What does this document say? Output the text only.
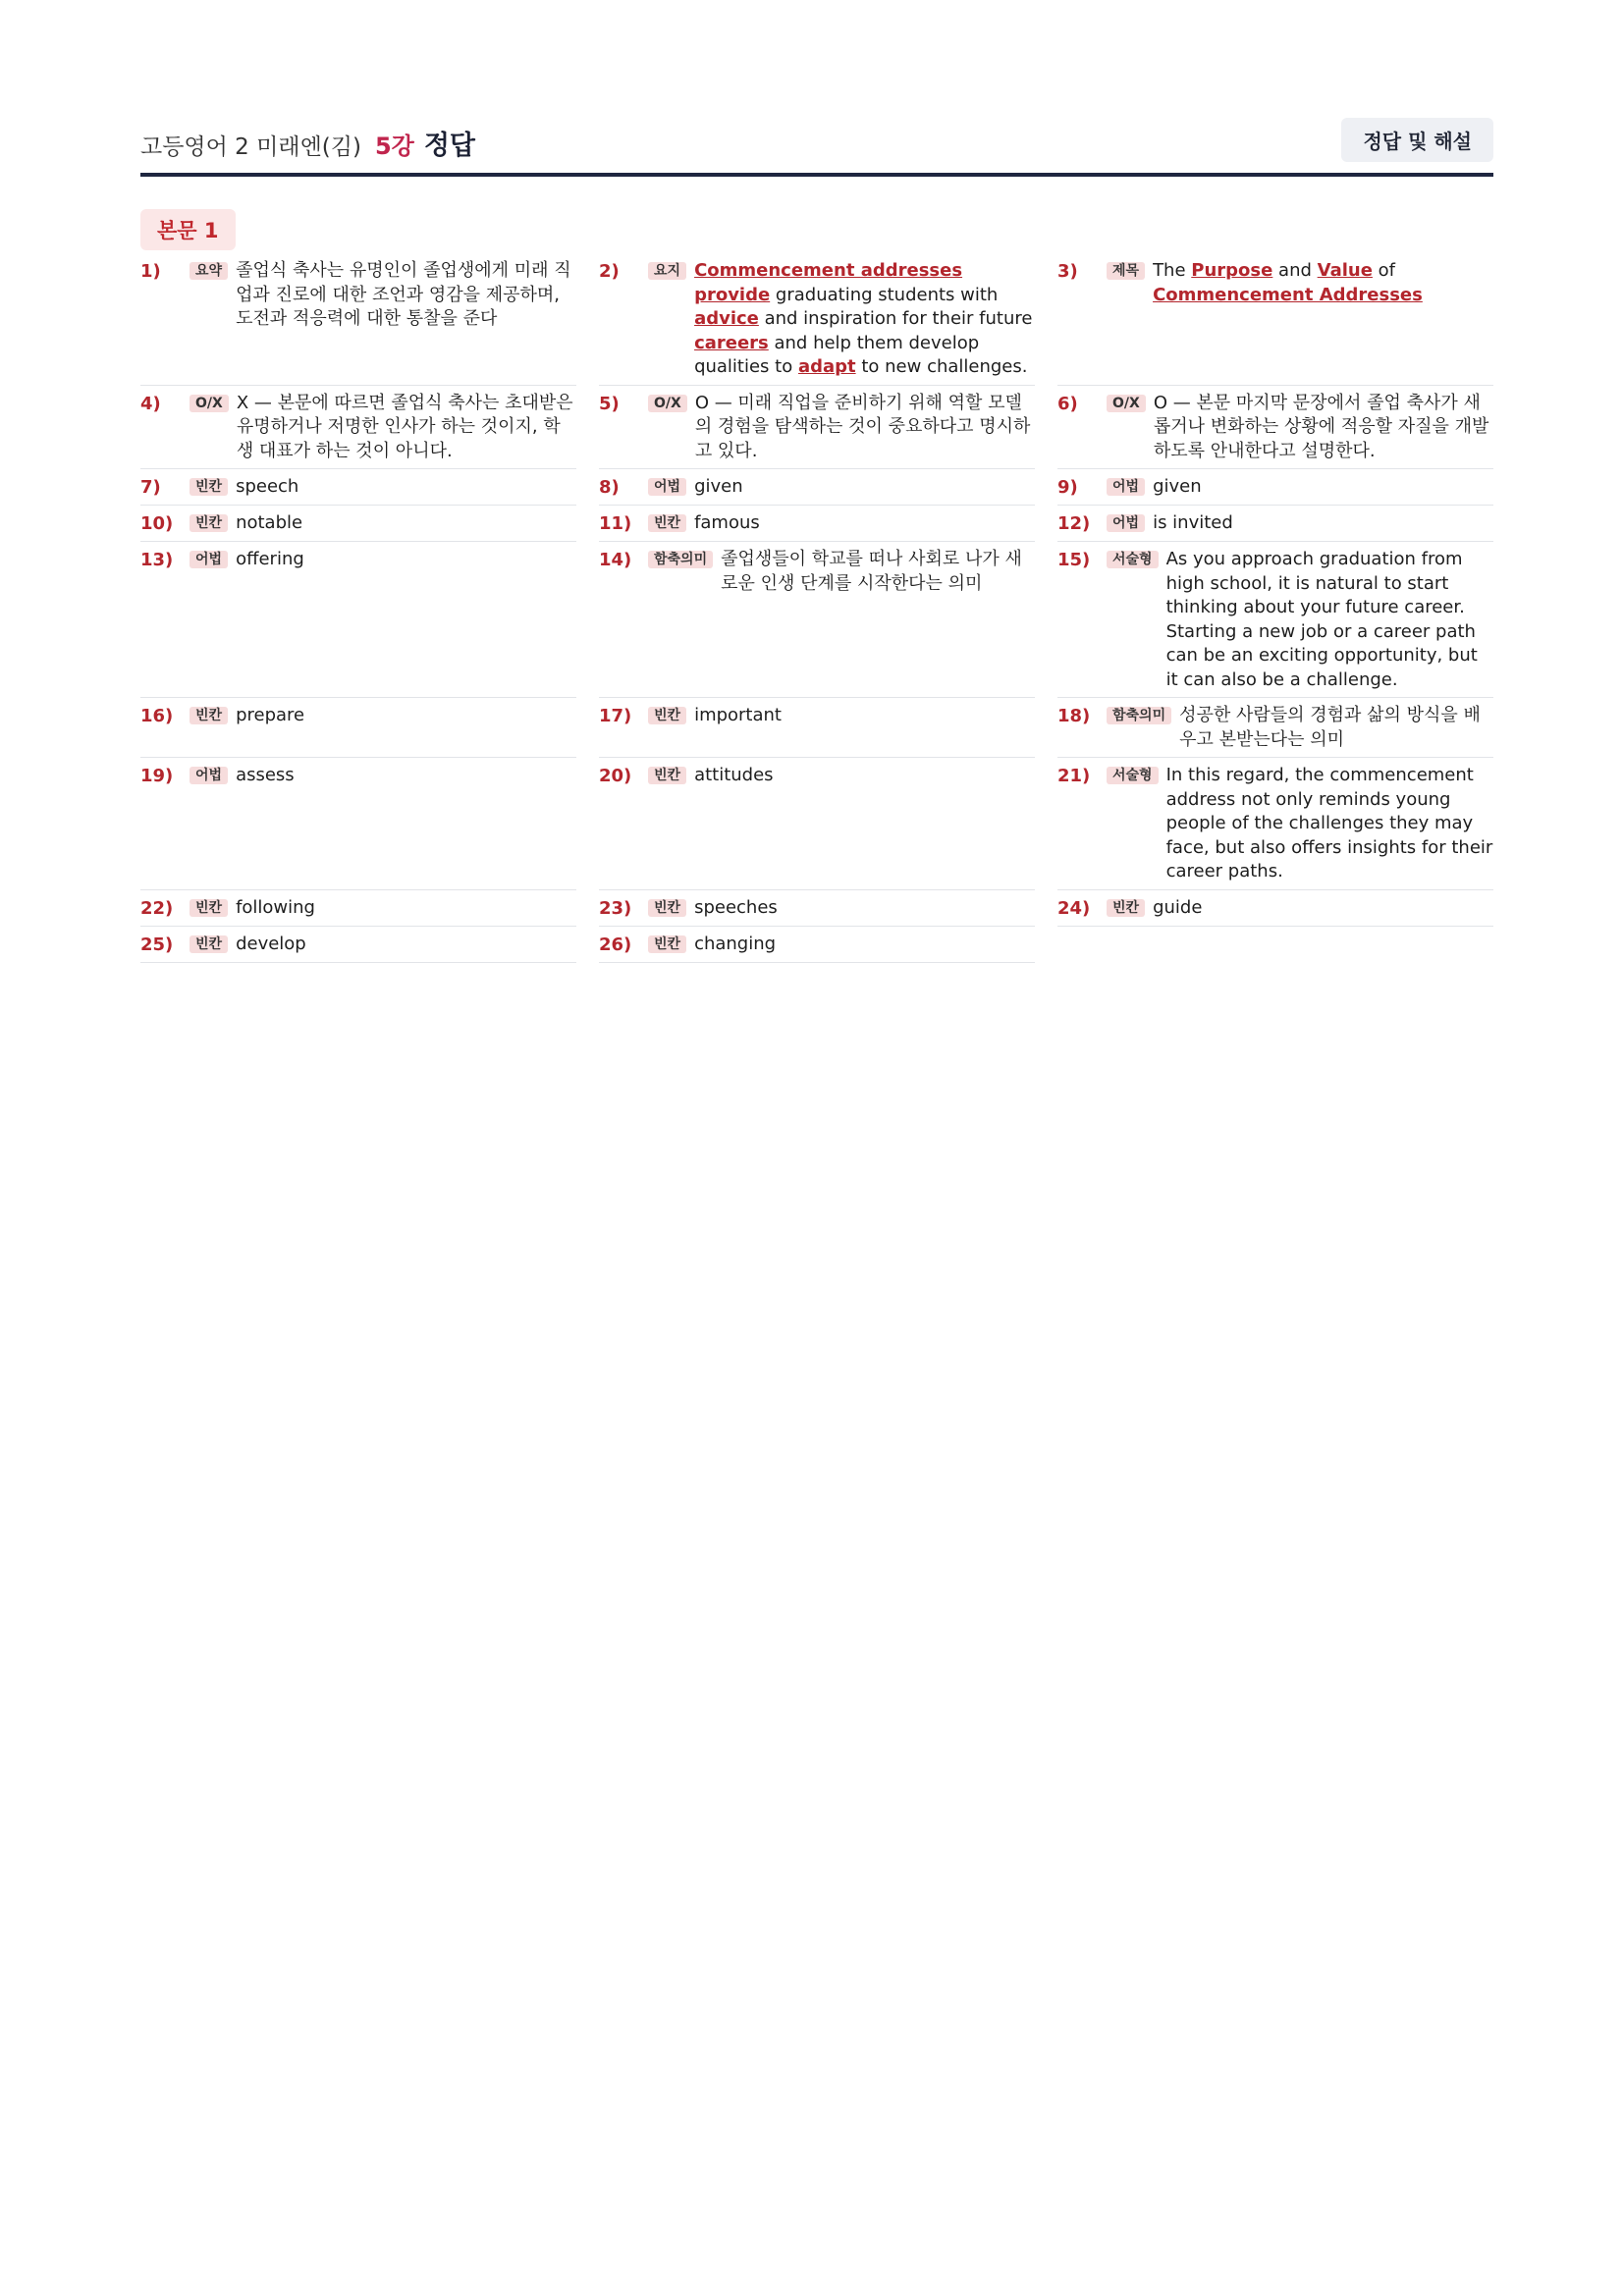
고등영어 2 미래엔(김) 5강 정답	정답 및 해설
본문 1
1)	요약 졸업식 축사는 유명인이 졸업생에게 미래 직업과 진로에 대한 조언과 영감을 제공하며, 도전과 적응력에 대한 통찰을 준다
2)	요지 Commencement addresses provide graduating students with advice and inspiration for their future careers and help them develop qualities to adapt to new challenges.
3)	제목 The Purpose and Value of Commencement Addresses
4)	O/X X — 본문에 따르면 졸업식 축사는 초대받은 유명하거나 저명한 인사가 하는 것이지, 학생 대표가 하는 것이 아니다.
5)	O/X O — 미래 직업을 준비하기 위해 역할 모델의 경험을 탐색하는 것이 중요하다고 명시하고 있다.
6)	O/X O — 본문 마지막 문장에서 졸업 축사가 새롭거나 변화하는 상황에 적응할 자질을 개발하도록 안내한다고 설명한다.
7)	빈칸 speech	8)	어법 given	9)	어법 given
10)	빈칸 notable	11)	빈칸 famous	12)	어법 is invited
13)	어법 offering	14)	함축의미 졸업생들이 학교를 떠나 사회로 나가 새로운 인생 단계를 시작한다는 의미
15)	서술형 As you approach graduation from high school, it is natural to start thinking about your future career. Starting a new job or a career path can be an exciting opportunity, but it can also be a challenge.
16)	빈칸 prepare	17)	빈칸 important	18)	함축의미 성공한 사람들의 경험과 삶의 방식을 배우고 본받는다는 의미
19)	어법 assess	20)	빈칸 attitudes	21)	서술형 In this regard, the commencement address not only reminds young people of the challenges they may face, but also offers insights for their career paths.
22)	빈칸 following	23)	빈칸 speeches	24)	빈칸 guide
25)	빈칸 develop	26)	빈칸 changing
